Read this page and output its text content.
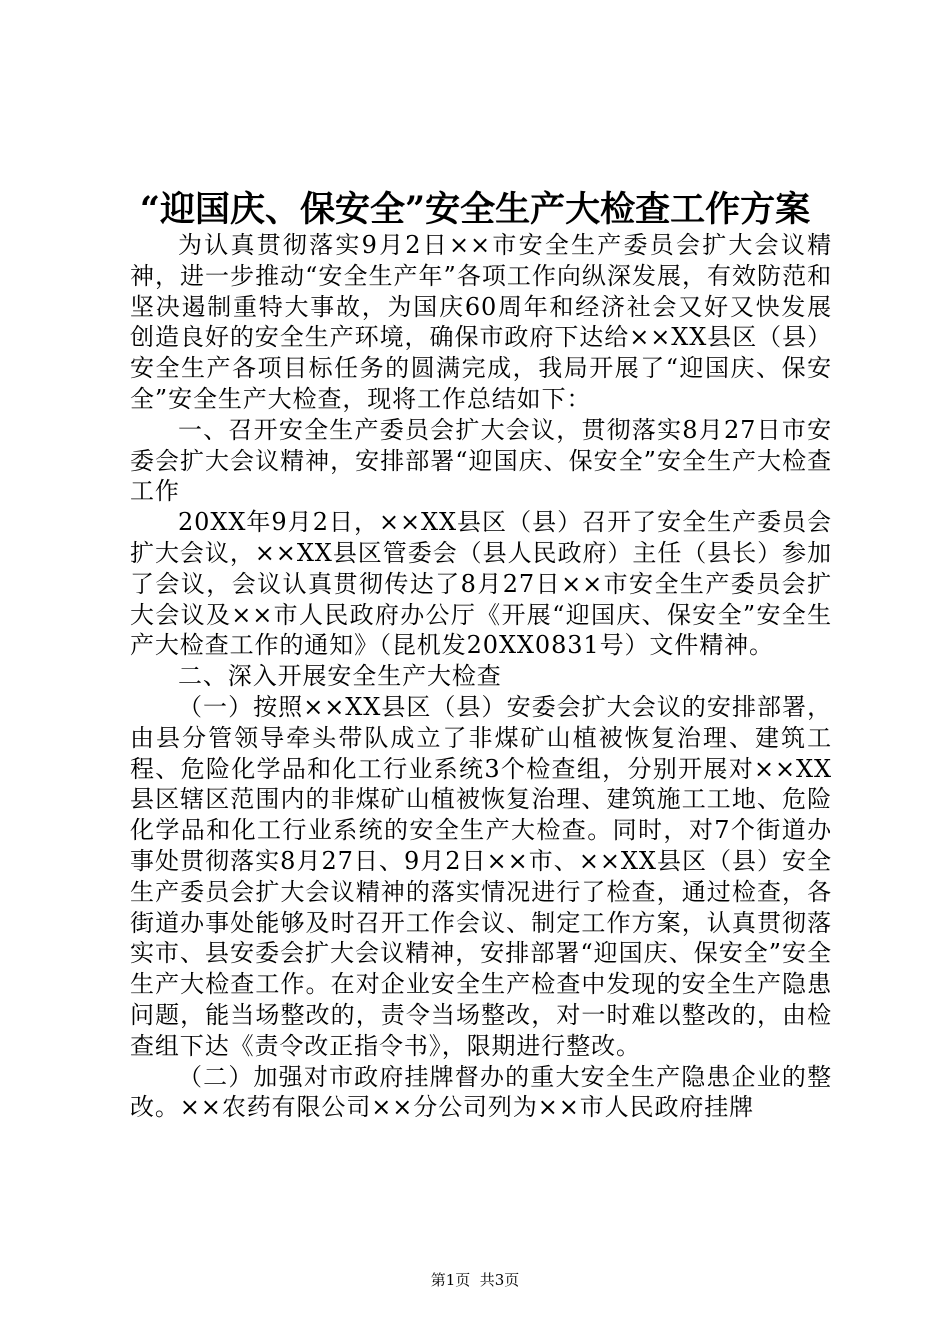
“迎国庆、保安全”安全生产大检查工作方案

为认真贯彻落实9月2日××市安全生产委员会扩大会议精神，进一步推动“安全生产年”各项工作向纵深发展，有效防范和坚决遏制重特大事故，为国庆60周年和经济社会又好又快发展创造良好的安全生产环境，确保市政府下达给××XX县区（县）安全生产各项目标任务的圆满完成，我局开展了“迎国庆、保安全”安全生产大检查，现将工作总结如下：

一、召开安全生产委员会扩大会议，贯彻落实8月27日市安委会扩大会议精神，安排部署“迎国庆、保安全”安全生产大检查工作

20XX年9月2日，××XX县区（县）召开了安全生产委员会扩大会议，××XX县区管委会（县人民政府）主任（县长）参加了会议，会议认真贯彻传达了8月27日××市安全生产委员会扩大会议及××市人民政府办公厅《开展“迎国庆、保安全”安全生产大检查工作的通知》（昆机发20XX0831号）文件精神。

二、深入开展安全生产大检查

（一）按照××XX县区（县）安委会扩大会议的安排部署，由县分管领导牵头带队成立了非煤矿山植被恢复治理、建筑工程、危险化学品和化工行业系统3个检查组，分别开展对××XX县区辖区范围内的非煤矿山植被恢复治理、建筑施工工地、危险化学品和化工行业系统的安全生产大检查。同时，对7个街道办事处贯彻落实8月27日、9月2日××市、××XX县区（县）安全生产委员会扩大会议精神的落实情况进行了检查，通过检查，各街道办事处能够及时召开工作会议、制定工作方案，认真贯彻落实市、县安委会扩大会议精神，安排部署“迎国庆、保安全”安全生产大检查工作。在对企业安全生产检查中发现的安全生产隐患问题，能当场整改的，责令当场整改，对一时难以整改的，由检查组下达《责令改正指令书》，限期进行整改。

（二）加强对市政府挂牌督办的重大安全生产隐患企业的整改。××农药有限公司××分公司列为××市人民政府挂牌

第1页  共3页
